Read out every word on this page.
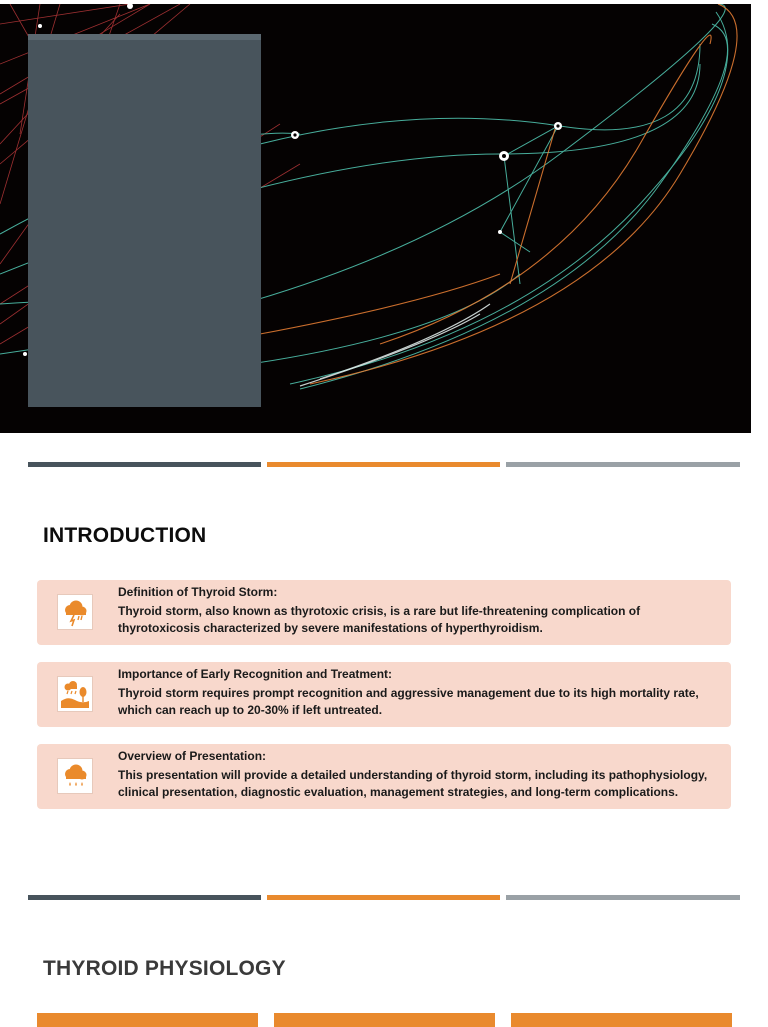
INTRODUCTION
Definition of Thyroid Storm:
Thyroid storm, also known as thyrotoxic crisis, is a rare but life-threatening complication of thyrotoxicosis characterized by severe manifestations of hyperthyroidism.
Importance of Early Recognition and Treatment:
Thyroid storm requires prompt recognition and aggressive management due to its high mortality rate, which can reach up to 20-30% if left untreated.
Overview of Presentation:
This presentation will provide a detailed understanding of thyroid storm, including its pathophysiology, clinical presentation, diagnostic evaluation, management strategies, and long-term complications.
THYROID PHYSIOLOGY
